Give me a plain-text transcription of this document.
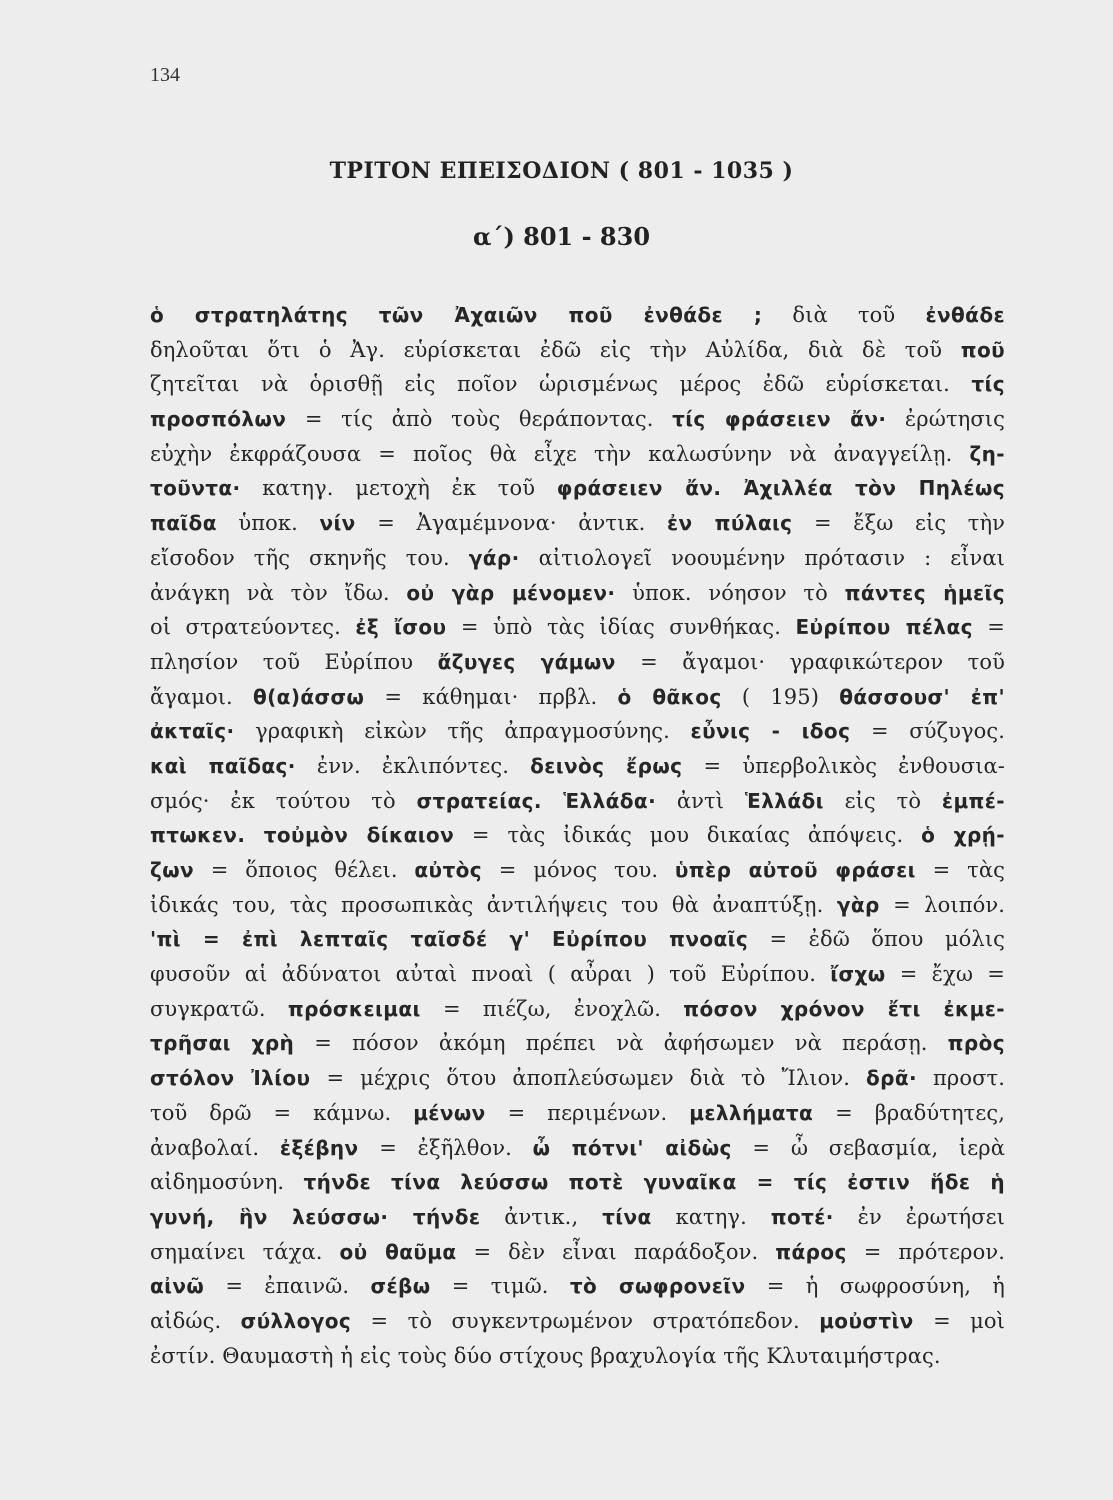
134
ΤΡΙΤΟΝ ΕΠΕΙΣΟΔΙΟΝ ( 801 - 1035 )
α΄) 801 - 830
ὁ στρατηλάτης τῶν Ἀχαιῶν ποῦ ἐνθάδε ; διὰ τοῦ ἐνθάδε
δηλοῦται ὅτι ὁ Ἀγ. εὑρίσκεται ἐδῶ εἰς τὴν Αὐλίδα, διὰ δὲ τοῦ ποῦ
ζητεῖται νὰ ὁρισθῇ εἰς ποῖον ὡρισμένως μέρος ἐδῶ εὑρίσκεται. τίς
προσπόλων = τίς ἀπὸ τοὺς θεράποντας. τίς φράσειεν ἄν· ἐρώτησις
εὐχὴν ἐκφράζουσα = ποῖος θὰ εἶχε τὴν καλωσύνην νὰ ἀναγγείλῃ. ζη-
τοῦντα· κατηγ. μετοχὴ ἐκ τοῦ φράσειεν ἄν. Ἀχιλλέα τὸν Πηλέως
παῖδα ὑποκ. νίν = Ἀγαμέμνονα· ἀντικ. ἐν πύλαις = ἔξω εἰς τὴν
εἴσοδον τῆς σκηνῆς του. γάρ· αἰτιολογεῖ νοουμένην πρότασιν : εἶναι
ἀνάγκη νὰ τὸν ἴδω. οὐ γὰρ μένομεν· ὑποκ. νόησον τὸ πάντες ἡμεῖς
οἱ στρατεύοντες. ἐξ ἴσου = ὑπὸ τὰς ἰδίας συνθήκας. Εὐρίπου πέλας =
πλησίον τοῦ Εὐρίπου ἄζυγες γάμων = ἄγαμοι· γραφικώτερον τοῦ
ἄγαμοι. θ(α)άσσω = κάθημαι· πρβλ. ὁ θᾶκος ( 195) θάσσουσ' ἐπ'
ἀκταῖς· γραφικὴ εἰκὼν τῆς ἀπραγμοσύνης. εὖνις - ιδος = σύζυγος.
καὶ παῖδας· ἐνν. ἐκλιπόντες. δεινὸς ἔρως = ὑπερβολικὸς ἐνθουσια-
σμός· ἐκ τούτου τὸ στρατείας. Ἑλλάδα· ἀντὶ Ἑλλάδι εἰς τὸ ἐμπέ-
πτωκεν. τοὐμὸν δίκαιον = τὰς ἰδικάς μου δικαίας ἀπόψεις. ὁ χρῄ-
ζων = ὅποιος θέλει. αὐτὸς = μόνος του. ὑπὲρ αὐτοῦ φράσει = τὰς
ἰδικάς του, τὰς προσωπικὰς ἀντιλήψεις του θὰ ἀναπτύξῃ. γὰρ = λοιπόν.
'πὶ = ἐπὶ λεπταῖς ταῖσδέ γ' Εὐρίπου πνοαῖς = ἐδῶ ὅπου μόλις
φυσοῦν αἱ ἀδύνατοι αὐταὶ πνοαὶ ( αὖραι ) τοῦ Εὐρίπου. ἴσχω = ἔχω =
συγκρατῶ. πρόσκειμαι = πιέζω, ἐνοχλῶ. πόσον χρόνον ἔτι ἐκμε-
τρῆσαι χρὴ = πόσον ἀκόμη πρέπει νὰ ἀφήσωμεν νὰ περάσῃ. πρὸς
στόλον Ἰλίου = μέχρις ὅτου ἀποπλεύσωμεν διὰ τὸ Ἴλιον. δρᾶ· προστ.
τοῦ δρῶ = κάμνω. μένων = περιμένων. μελλήματα = βραδύτητες,
ἀναβολαί. ἐξέβην = ἐξῆλθον. ὦ πότνι' αἰδὼς = ὦ σεβασμία, ἱερὰ
αἰδημοσύνη. τήνδε τίνα λεύσσω ποτὲ γυναῖκα = τίς ἐστιν ἥδε ἡ
γυνή, ἣν λεύσσω· τήνδε ἀντικ., τίνα κατηγ. ποτέ· ἐν ἐρωτήσει
σημαίνει τάχα. οὐ θαῦμα = δὲν εἶναι παράδοξον. πάρος = πρότερον.
αἰνῶ = ἐπαινῶ. σέβω = τιμῶ. τὸ σωφρονεῖν = ἡ σωφροσύνη, ἡ
αἰδώς. σύλλογος = τὸ συγκεντρωμένον στρατόπεδον. μοὐστὶν = μοὶ
ἐστίν. Θαυμαστὴ ἡ εἰς τοὺς δύο στίχους βραχυλογία τῆς Κλυταιμήστρας.
